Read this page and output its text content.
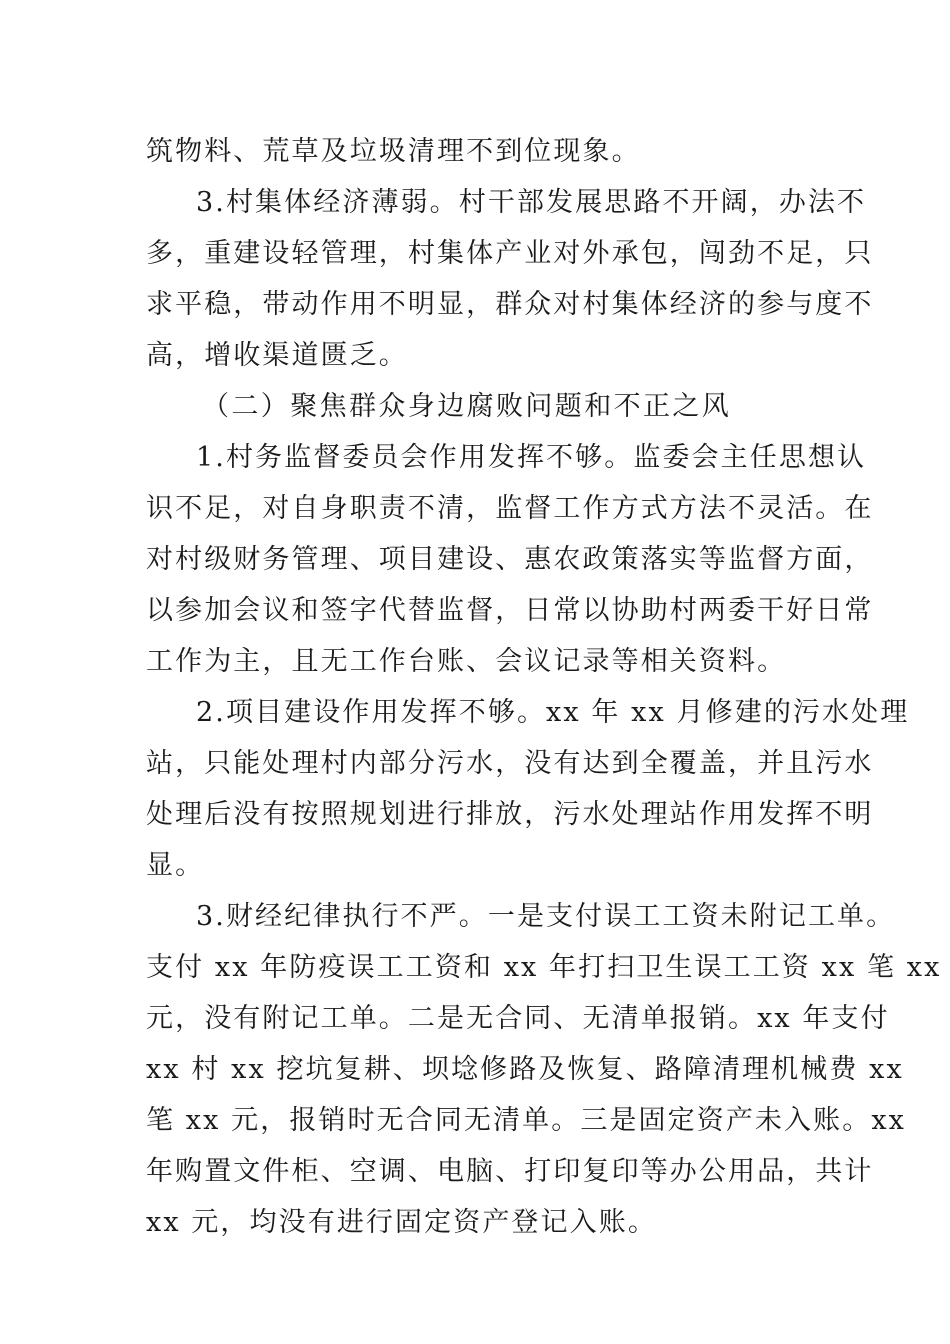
筑物料、荒草及垃圾清理不到位现象。
3.村集体经济薄弱。村干部发展思路不开阔，办法不
多，重建设轻管理，村集体产业对外承包，闯劲不足，只
求平稳，带动作用不明显，群众对村集体经济的参与度不
高，增收渠道匮乏。
（二）聚焦群众身边腐败问题和不正之风
1.村务监督委员会作用发挥不够。监委会主任思想认
识不足，对自身职责不清，监督工作方式方法不灵活。在
对村级财务管理、项目建设、惠农政策落实等监督方面，
以参加会议和签字代替监督，日常以协助村两委干好日常
工作为主，且无工作台账、会议记录等相关资料。
2.项目建设作用发挥不够。xx 年 xx 月修建的污水处理
站，只能处理村内部分污水，没有达到全覆盖，并且污水
处理后没有按照规划进行排放，污水处理站作用发挥不明
显。
3.财经纪律执行不严。一是支付误工工资未附记工单。
支付 xx 年防疫误工工资和 xx 年打扫卫生误工工资 xx 笔 xx
元，没有附记工单。二是无合同、无清单报销。xx 年支付
xx 村 xx 挖坑复耕、坝埝修路及恢复、路障清理机械费 xx
笔 xx 元，报销时无合同无清单。三是固定资产未入账。xx
年购置文件柜、空调、电脑、打印复印等办公用品，共计
xx 元，均没有进行固定资产登记入账。
